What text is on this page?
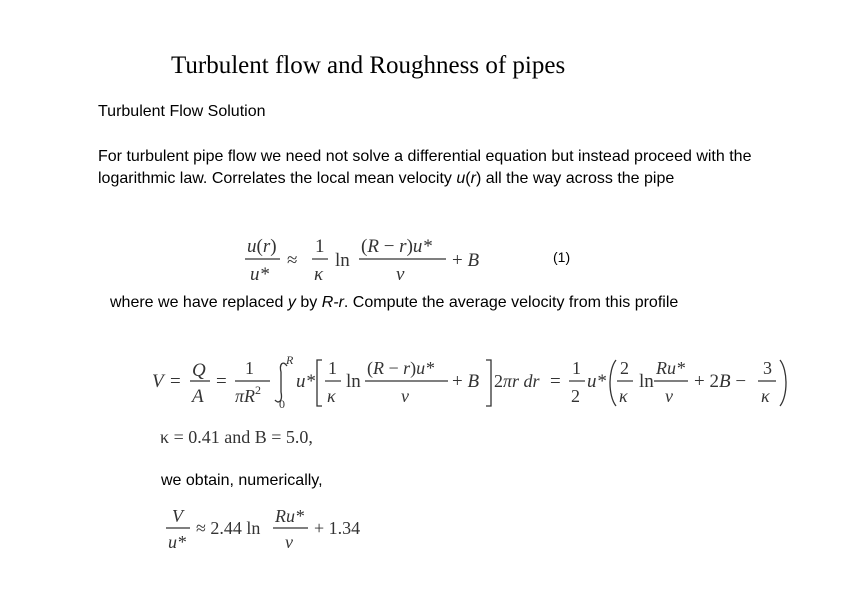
Turbulent flow and Roughness of pipes
Turbulent Flow Solution
For turbulent pipe flow we need not solve a differential equation but instead proceed with the logarithmic law. Correlates the local mean velocity u(r) all the way across the pipe
u(r)
u*
≈
1
κ
ln
(R − r)u*
ν
+ B	(1)
where we have replaced y by R-r. Compute the average velocity from this profile
V =
Q
A
=
1
$\pi R^2$
R
0
u*
1
κ
ln
(R − r)u*
ν
+ B 2πr dr =
1
2
u*
2
κ
ln
Ru*
ν
+ 2B −
3
κ
κ = 0.41 and B = 5.0,
we obtain, numerically,
V
u*
≈ 2.44 ln
Ru*
ν
+ 1.34
